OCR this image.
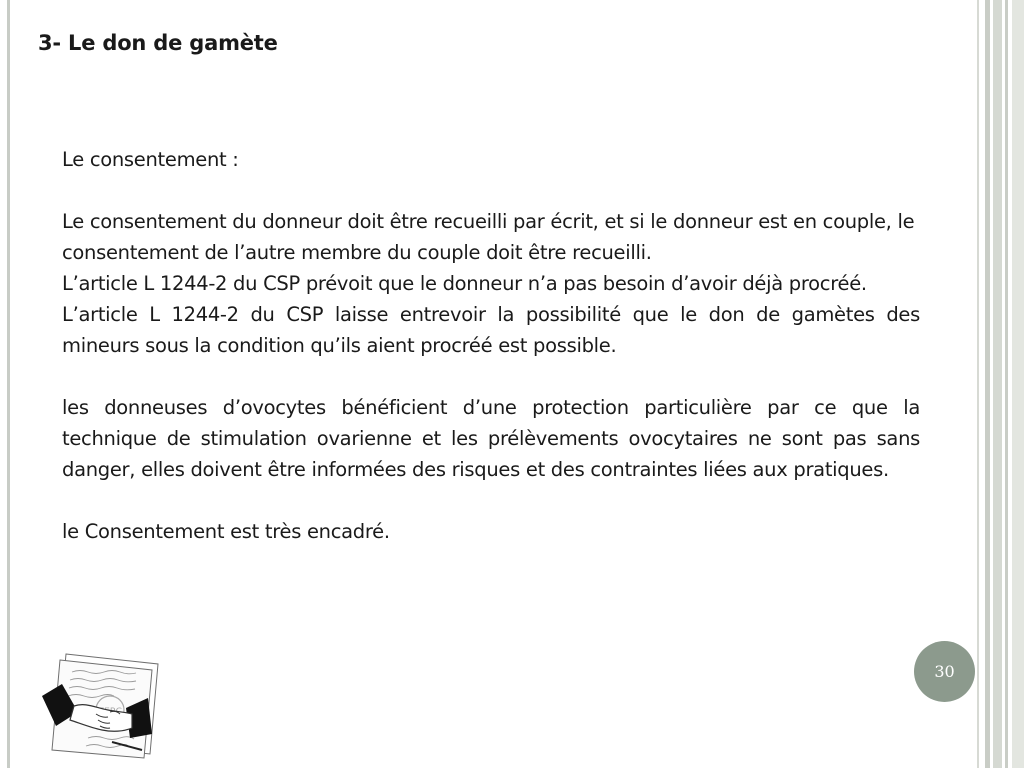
3- Le don de gamète

Le consentement :

Le consentement du donneur doit être recueilli par écrit, et si le donneur est en couple, le consentement de l’autre membre du couple doit être recueilli.

L’article L 1244-2 du CSP prévoit que le donneur n’a pas besoin d’avoir déjà procréé.

L’article L 1244-2 du CSP laisse entrevoir la possibilité que le don de gamètes des mineurs sous la condition qu’ils aient procréé est possible.

les donneuses d’ovocytes bénéficient d’une protection particulière par ce que la technique de stimulation ovarienne et les prélèvements ovocytaires ne sont pas sans danger, elles doivent être informées des risques et des contraintes liées aux pratiques.

le Consentement est très encadré.

30
